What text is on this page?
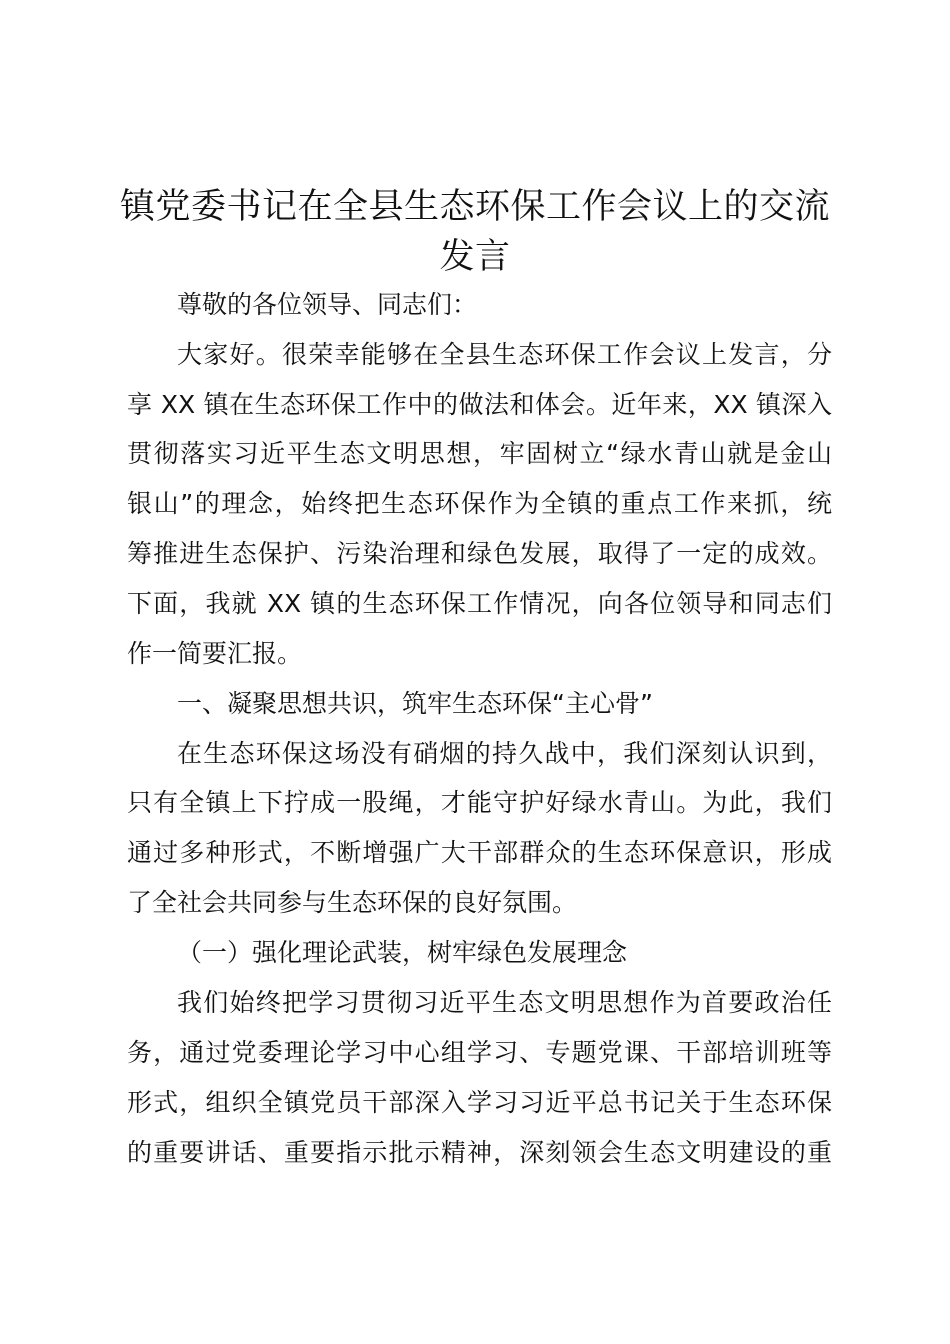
镇党委书记在全县生态环保工作会议上的交流
发言

尊敬的各位领导、同志们：

大家好。很荣幸能够在全县生态环保工作会议上发言，分

享 XX 镇在生态环保工作中的做法和体会。近年来，XX 镇深入

贯彻落实习近平生态文明思想，牢固树立“绿水青山就是金山

银山”的理念，始终把生态环保作为全镇的重点工作来抓，统

筹推进生态保护、污染治理和绿色发展，取得了一定的成效。

下面，我就 XX 镇的生态环保工作情况，向各位领导和同志们

作一简要汇报。

一、凝聚思想共识，筑牢生态环保“主心骨”

在生态环保这场没有硝烟的持久战中，我们深刻认识到，

只有全镇上下拧成一股绳，才能守护好绿水青山。为此，我们

通过多种形式，不断增强广大干部群众的生态环保意识，形成

了全社会共同参与生态环保的良好氛围。

（一）强化理论武装，树牢绿色发展理念

我们始终把学习贯彻习近平生态文明思想作为首要政治任

务，通过党委理论学习中心组学习、专题党课、干部培训班等

形式，组织全镇党员干部深入学习习近平总书记关于生态环保

的重要讲话、重要指示批示精神，深刻领会生态文明建设的重
